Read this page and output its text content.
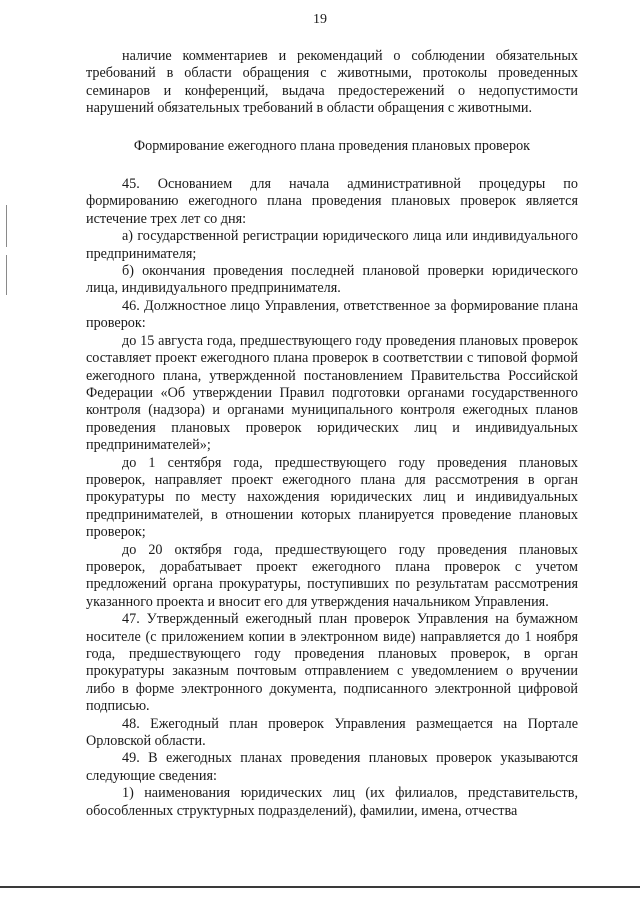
19

наличие комментариев и рекомендаций о соблюдении обязательных требований в области обращения с животными, протоколы проведенных семинаров и конференций, выдача предостережений о недопустимости нарушений обязательных требований в области обращения с животными.

Формирование ежегодного плана проведения плановых проверок

45. Основанием для начала административной процедуры по формированию ежегодного плана проведения плановых проверок является истечение трех лет со дня:

а) государственной регистрации юридического лица или индивидуального предпринимателя;

б) окончания проведения последней плановой проверки юридического лица, индивидуального предпринимателя.

46. Должностное лицо Управления, ответственное за формирование плана проверок:

до 15 августа года, предшествующего году проведения плановых проверок составляет проект ежегодного плана проверок в соответствии с типовой формой ежегодного плана, утвержденной постановлением Правительства Российской Федерации «Об утверждении Правил подготовки органами государственного контроля (надзора) и органами муниципального контроля ежегодных планов проведения плановых проверок юридических лиц и индивидуальных предпринимателей»;

до 1 сентября года, предшествующего году проведения плановых проверок, направляет проект ежегодного плана для рассмотрения в орган прокуратуры по месту нахождения юридических лиц и индивидуальных предпринимателей, в отношении которых планируется проведение плановых проверок;

до 20 октября года, предшествующего году проведения плановых проверок, дорабатывает проект ежегодного плана проверок с учетом предложений органа прокуратуры, поступивших по результатам рассмотрения указанного проекта и вносит его для утверждения начальником Управления.

47. Утвержденный ежегодный план проверок Управления на бумажном носителе (с приложением копии в электронном виде) направляется до 1 ноября года, предшествующего году проведения плановых проверок, в орган прокуратуры заказным почтовым отправлением с уведомлением о вручении либо в форме электронного документа, подписанного электронной цифровой подписью.

48. Ежегодный план проверок Управления размещается на Портале Орловской области.

49. В ежегодных планах проведения плановых проверок указываются следующие сведения:

1) наименования юридических лиц (их филиалов, представительств, обособленных структурных подразделений), фамилии, имена, отчества
